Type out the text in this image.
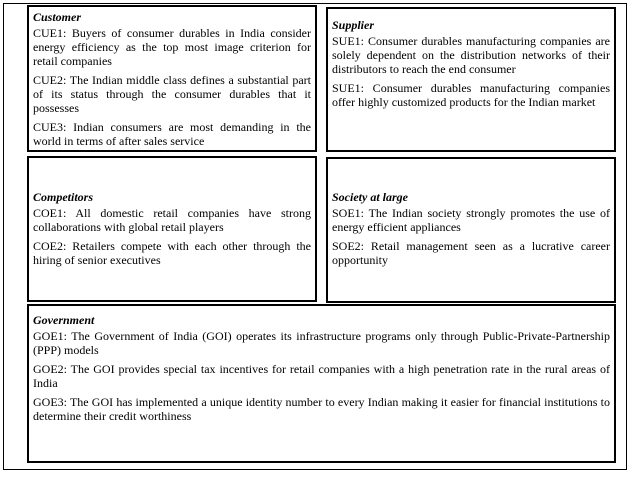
Customer
CUE1: Buyers of consumer durables in India consider energy efficiency as the top most image criterion for retail companies
CUE2: The Indian middle class defines a substantial part of its status through the consumer durables that it possesses
CUE3: Indian consumers are most demanding in the world in terms of after sales service
Supplier
SUE1: Consumer durables manufacturing companies are solely dependent on the distribution networks of their distributors to reach the end consumer
SUE1: Consumer durables manufacturing companies offer highly customized products for the Indian market
Competitors
COE1: All domestic retail companies have strong collaborations with global retail players
COE2: Retailers compete with each other through the hiring of senior executives
Society at large
SOE1: The Indian society strongly promotes the use of energy efficient appliances
SOE2: Retail management seen as a lucrative career opportunity
Government
GOE1: The Government of India (GOI) operates its infrastructure programs only through Public-Private-Partnership (PPP) models
GOE2: The GOI provides special tax incentives for retail companies with a high penetration rate in the rural areas of India
GOE3: The GOI has implemented a unique identity number to every Indian making it easier for financial institutions to determine their credit worthiness
